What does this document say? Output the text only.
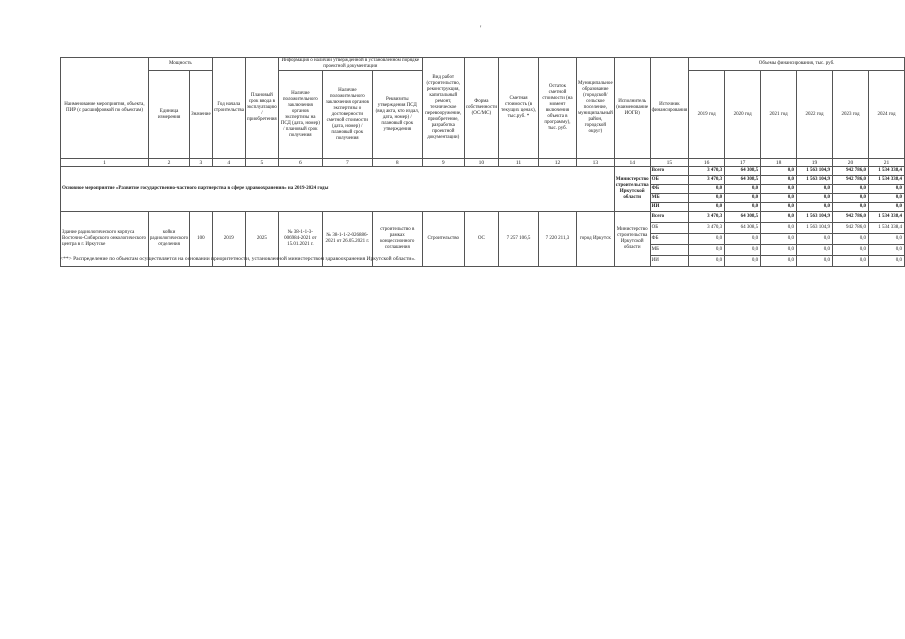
'
Наименование мероприятия, объекта, ПИР (с расшифровкой по объектам)	Мощность		Год начала строительства	Плановый срок ввода в эксплуатацию / приобретения	Информация о наличии утвержденной в установленном порядке проектной документации			Вид работ (строительство, реконструкция, капитальный ремонт, техническое перевооружение, приобретение, разработка проектной документации)	Форма собственности (ОС/МС)	Сметная стоимость (в текущих ценах), тыс.руб. *	Остаток сметной стоимости (на момент включения объекта в программу), тыс. руб.	Муниципальное образование (городской/сельское поселение, муниципальный район, городской округ)	Исполнитель (наименование ИОГВ)	Источник финансирования	Объемы финансирования, тыс. руб.					
	Единица измерения	Значение			Наличие положительного заключения органов экспертизы на ПСД (дата, номер) / плановый срок получения	Наличие положительного заключения органов экспертизы о достоверности сметной стоимости (дата, номер) / плановый срок получения	Реквизиты утверждения ПСД (вид акта, кто издал, дата, номер) / плановый срок утверждения								2019 год	2020 год	2021 год	2022 год	2023 год	2024 год
1	2	3	4	5	6	7	8	9	10	11	12	13	14	15	16	17	18	19	20	21
Основное мероприятие «Развитие государственно-частного партнерства в сфере здравоохранения» на 2019-2024 годы													Министерство строительства Иркутской области	Всего	3 470,3	64 308,5	0,0	1 563 104,9	942 786,0	1 534 338,4
														ОБ	3 470,3	64 308,5	0,0	1 563 104,9	942 786,0	1 534 338,4
														ФБ	0,0	0,0	0,0	0,0	0,0	0,0
														МБ	0,0	0,0	0,0	0,0	0,0	0,0
														ИИ	0,0	0,0	0,0	0,0	0,0	0,0
Здание радиологического корпуса Восточно-Сибирского онкологического центра в г. Иркутске	койки радиологического отделения	100	2019	2025	№ 38-1-1-3-006984-2021 от 15.01.2021 г.	№ 38-1-1-2-026886-2021 от 26.05.2021 г.	строительство в рамках концессионного соглашения	Строительство	ОС	7 257 106,5	7 220 211,3	город Иркутск	Министерство строительства Иркутской области	Всего	3 470,3	64 308,5	0,0	1 563 104,9	942 786,0	1 534 338,4
														ОБ	3 470,3	64 308,5	0,0	1 563 104,9	942 786,0	1 534 338,4
														ФБ	0,0	0,0	0,0	0,0	0,0	0,0
														МБ	0,0	0,0	0,0	0,0	0,0	0,0
														ИИ	0,0	0,0	0,0	0,0	0,0	0,0
<**> Распределение по объектам осуществляется на основании приоритетности, установленной министерством здравоохранения Иркутской области».
